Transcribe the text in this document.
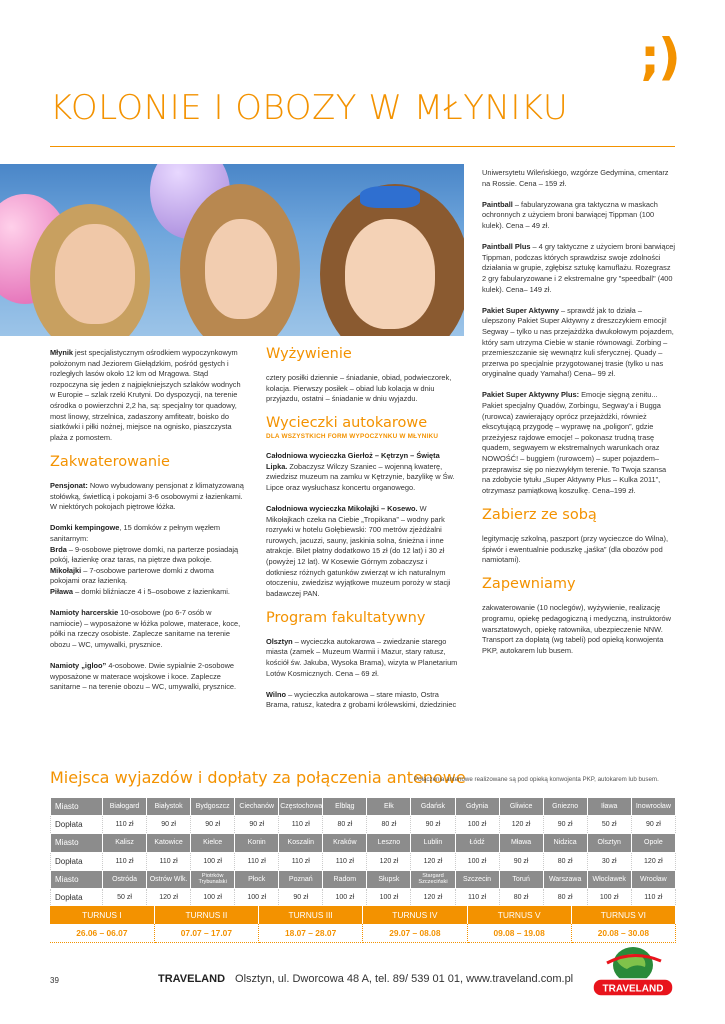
;)
KOLONIE I OBOZY W MŁYNIKU

Młynik jest specjalistycznym ośrodkiem wypoczynkowym położonym nad Jeziorem Giełądzkim, pośród gęstych i rozległych lasów około 12 km od Mrągowa. Stąd rozpoczyna się jeden z najpiękniejszych szlaków wodnych w Europie – szlak rzeki Krutyni. Do dyspozycji, na terenie ośrodka o powierzchni 2,2 ha, są: specjalny tor quadowy, most linowy, strzelnica, zadaszony amfiteatr, boisko do siatkówki i piłki nożnej, miejsce na ognisko, piaszczysta plaża z pomostem.

Zakwaterowanie

Pensjonat: Nowo wybudowany pensjonat z klimatyzowaną stołówką, świetlicą i pokojami 3-6 osobowymi z łazienkami. W niektórych pokojach piętrowe łóżka.

Domki kempingowe, 15 domków z pełnym węzłem sanitarnym:
Brda – 9-osobowe piętrowe domki, na parterze posiadają pokój, łazienkę oraz taras, na piętrze dwa pokoje.
Mikołajki – 7-osobowe parterowe domki z dwoma pokojami oraz łazienką.
Piława – domki bliźniacze 4 i 5–osobowe z łazienkami.

Namioty harcerskie 10-osobowe (po 6-7 osób w namiocie) – wyposażone w łóżka polowe, materace, koce, półki na rzeczy osobiste. Zaplecze sanitarne na terenie obozu – WC, umywalki, prysznice.

Namioty „igloo” 4-osobowe. Dwie sypialnie 2-osobowe wyposażone w materace wojskowe i koce. Zaplecze sanitarne – na terenie obozu – WC, umywalki, prysznice.

Wyżywienie

cztery posiłki dziennie – śniadanie, obiad, podwieczorek, kolacja. Pierwszy posiłek – obiad lub kolacja w dniu przyjazdu, ostatni – śniadanie w dniu wyjazdu.

Wycieczki autokarowe
DLA WSZYSTKICH FORM WYPOCZYNKU W MŁYNIKU

Całodniowa wycieczka Gierłoż – Kętrzyn – Święta Lipka. Zobaczysz Wilczy Szaniec – wojenną kwaterę, zwiedzisz muzeum na zamku w Kętrzynie, bazylikę w Św. Lipce oraz wysłuchasz koncertu organowego.

Całodniowa wycieczka Mikołajki – Kosewo. W Mikołajkach czeka na Ciebie „Tropikana” – wodny park rozrywki w hotelu Gołębiewski: 700 metrów zjeżdżalni rurowych, jacuzzi, sauny, jaskinia solna, śnieżna i inne atrakcje. Bilet płatny dodatkowo 15 zł (do 12 lat) i 30 zł (powyżej 12 lat). W Kosewie Górnym zobaczysz i dotkniesz różnych gatunków zwierząt w ich naturalnym otoczeniu, zwiedzisz wyjątkowe muzeum poroży w stacji badawczej PAN.

Program fakultatywny

Olsztyn – wycieczka autokarowa – zwiedzanie starego miasta (zamek – Muzeum Warmii i Mazur, stary ratusz, kościół św. Jakuba, Wysoka Brama), wizyta w Planetarium Lotów Kosmicznych. Cena – 69 zł.

Wilno – wycieczka autokarowa – stare miasto, Ostra Brama, ratusz, katedra z grobami królewskimi, dziedziniec

Uniwersytetu Wileńskiego, wzgórze Gedymina, cmentarz na Rossie. Cena – 159 zł.

Paintball – fabularyzowana gra taktyczna w maskach ochronnych z użyciem broni barwiącej Tippman (100 kulek). Cena – 49 zł.

Paintball Plus – 4 gry taktyczne z użyciem broni barwiącej Tippman, podczas których sprawdzisz swoje zdolności działania w grupie, zgłębisz sztukę kamuflażu. Rozegrasz 2 gry fabularyzowane i 2 ekstremalne gry "speedball" (400 kulek). Cena– 149 zł.

Pakiet Super Aktywny – sprawdź jak to działa – ulepszony Pakiet Super Aktywny z dreszczykiem emocji! Segway – tylko u nas przejażdżka dwukołowym pojazdem, który sam utrzyma Ciebie w stanie równowagi. Zorbing – przemieszczanie się wewnątrz kuli sferycznej. Quady – przerwa po specjalnie przygotowanej trasie (tylko u nas oryginalne quady Yamaha!) Cena– 99 zł.

Pakiet Super Aktywny Plus: Emocje sięgną zenitu... Pakiet specjalny Quadów, Zorbingu, Segway'a i Bugga (rurowca) zawierający oprócz przejażdżki, również ekscytującą przygodę – wyprawę na „poligon”, gdzie przeżyjesz rajdowe emocje! – pokonasz trudną trasę quadem, segwayem w ekstremalnych warunkach oraz NOWOŚĆ! – buggiem (rurowcem) – super pojazdem– przeprawisz się po niezwykłym terenie. To Twoja szansa na zdobycie tytułu „Super Aktywny Plus – Kulka 2011”, otrzymasz pamiątkową koszulkę. Cena–199 zł.

Zabierz ze sobą

legitymację szkolną, paszport (przy wycieczce do Wilna), śpiwór i ewentualnie poduszkę „jaśka” (dla obozów pod namiotami).

Zapewniamy

zakwaterowanie (10 noclegów), wyżywienie, realizację programu, opiekę pedagogiczną i medyczną, instruktorów warsztatowych, opiekę ratownika, ubezpieczenie NNW. Transport za dopłatą (wg tabeli) pod opieką konwojenta PKP, autokarem lub busem.

Miejsca wyjazdów i dopłaty za połączenia antenowe
Połączenia antenowe realizowane są pod opieką konwojenta PKP, autokarem lub busem.
Miasto	Białogard	Białystok	Bydgoszcz	Ciechanów	Częstochowa	Elbląg	Ełk	Gdańsk	Gdynia	Gliwice	Gniezno	Iława	Inowrocław
Dopłata	110 zł	90 zł	90 zł	90 zł	110 zł	80 zł	80 zł	90 zł	100 zł	120 zł	90 zł	50 zł	90 zł
Miasto	Kalisz	Katowice	Kielce	Konin	Koszalin	Kraków	Leszno	Lublin	Łódź	Mława	Nidzica	Olsztyn	Opole
Dopłata	110 zł	110 zł	100 zł	110 zł	110 zł	110 zł	120 zł	120 zł	100 zł	90 zł	80 zł	30 zł	120 zł
Miasto	Ostróda	Ostrów Wlk.	Piotrków Trybunalski	Płock	Poznań	Radom	Słupsk	Stargard Szczeciński	Szczecin	Toruń	Warszawa	Włocławek	Wrocław
Dopłata	50 zł	120 zł	100 zł	100 zł	90 zł	100 zł	100 zł	120 zł	110 zł	80 zł	80 zł	100 zł	110 zł
TURNUS I	TURNUS II	TURNUS III	TURNUS IV	TURNUS V	TURNUS VI
26.06 – 06.07	07.07 – 17.07	18.07 – 28.07	29.07 – 08.08	09.08 – 19.08	20.08 – 30.08
39	TRAVELAND Olsztyn, ul. Dworcowa 48 A, tel. 89/ 539 01 01, www.traveland.com.pl
TRAVELAND
